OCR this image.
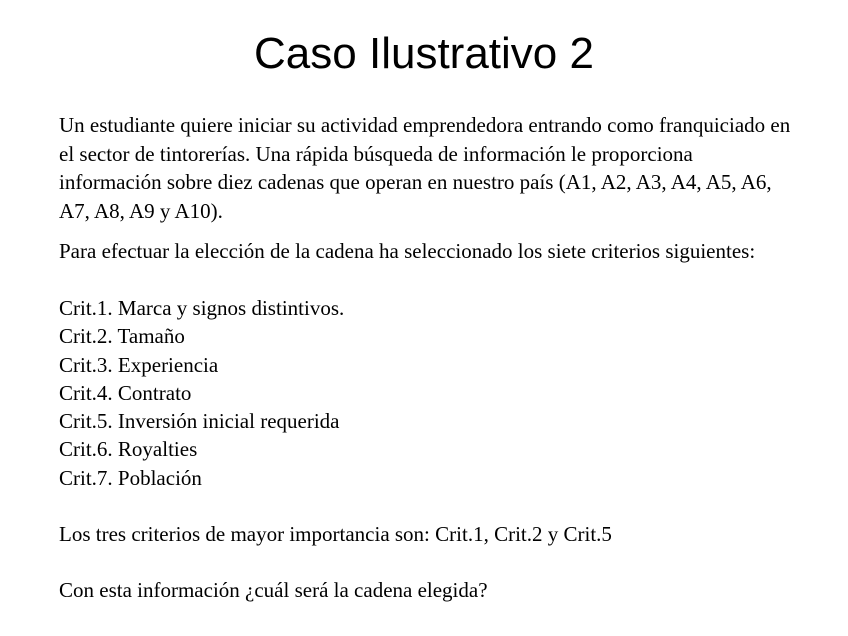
Caso Ilustrativo 2

Un estudiante quiere iniciar su actividad emprendedora entrando como franquiciado en el sector de tintorerías. Una rápida búsqueda de información le proporciona información sobre diez cadenas que operan en nuestro país (A1, A2, A3, A4, A5, A6, A7, A8, A9 y A10).

Para efectuar la elección de la cadena ha seleccionado los siete criterios siguientes:

Crit.1. Marca y signos distintivos.
Crit.2. Tamaño
Crit.3. Experiencia
Crit.4. Contrato
Crit.5. Inversión inicial requerida
Crit.6. Royalties
Crit.7. Población

Los tres criterios de mayor importancia son: Crit.1, Crit.2 y Crit.5

Con esta información ¿cuál será la cadena elegida?
